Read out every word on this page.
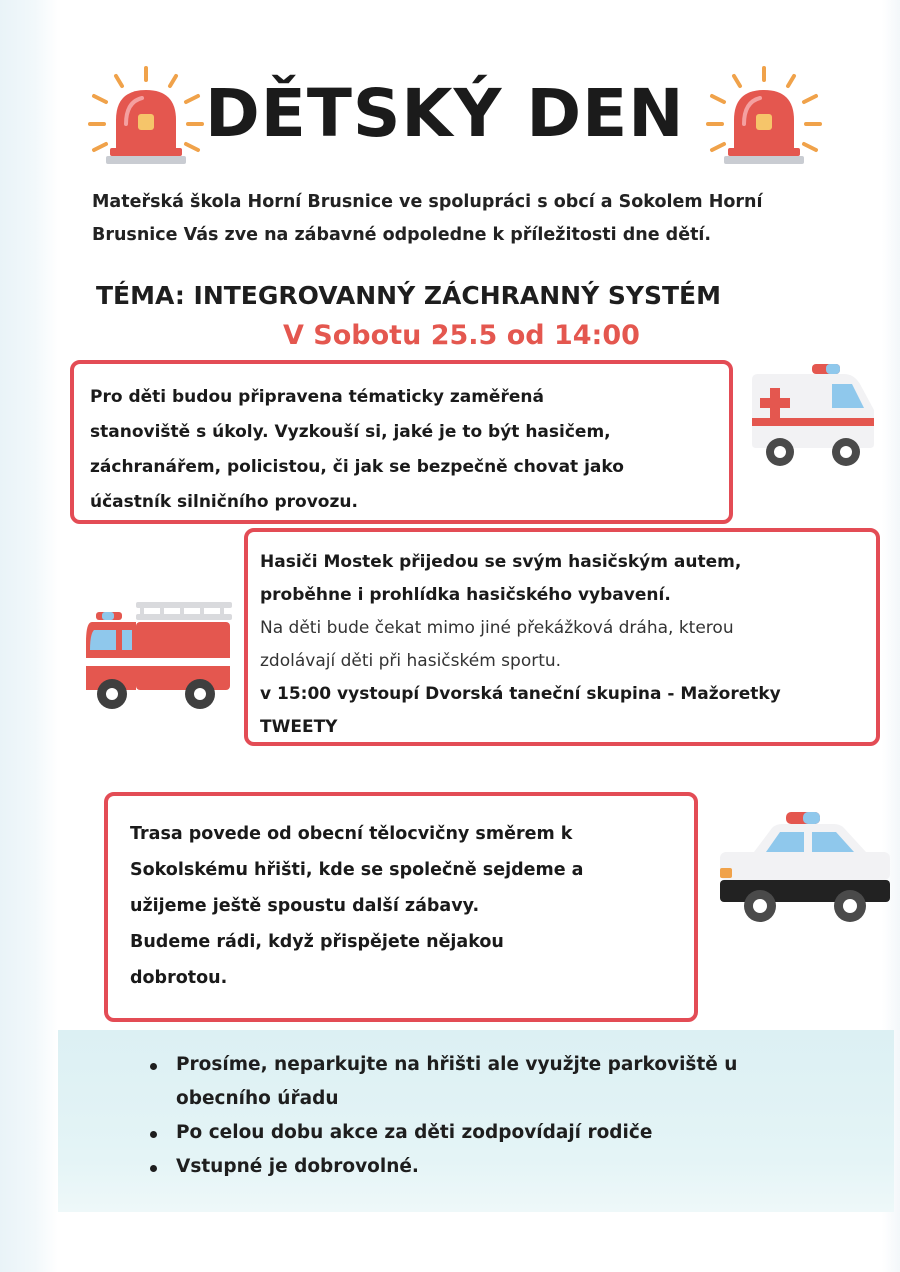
DĚTSKÝ DEN
Mateřská škola Horní Brusnice ve spolupráci s obcí a Sokolem Horní
Brusnice Vás zve na zábavné odpoledne k příležitosti dne dětí.
TÉMA: INTEGROVANNÝ ZÁCHRANNÝ SYSTÉM
V Sobotu 25.5 od 14:00

Pro děti budou připravena tématicky zaměřená

stanoviště s úkoly. Vyzkouší si, jaké je to být hasičem,

záchranářem, policistou, či jak se bezpečně chovat jako

účastník silničního provozu.

Hasiči Mostek přijedou se svým hasičským autem,

proběhne i prohlídka hasičského vybavení.

Na děti bude čekat mimo jiné překážková dráha, kterou

zdolávají děti při hasičském sportu.

v 15:00 vystoupí Dvorská taneční skupina - Mažoretky

TWEETY

Trasa povede od obecní tělocvičny směrem k

Sokolskému hřišti, kde se společně sejdeme a

užijeme ještě spoustu další zábavy.

Budeme rádi, když přispějete nějakou

dobrotou.

Prosíme, neparkujte na hřišti ale využjte parkoviště u
obecního úřadu
Po celou dobu akce za děti zodpovídají rodiče
Vstupné je dobrovolné.
